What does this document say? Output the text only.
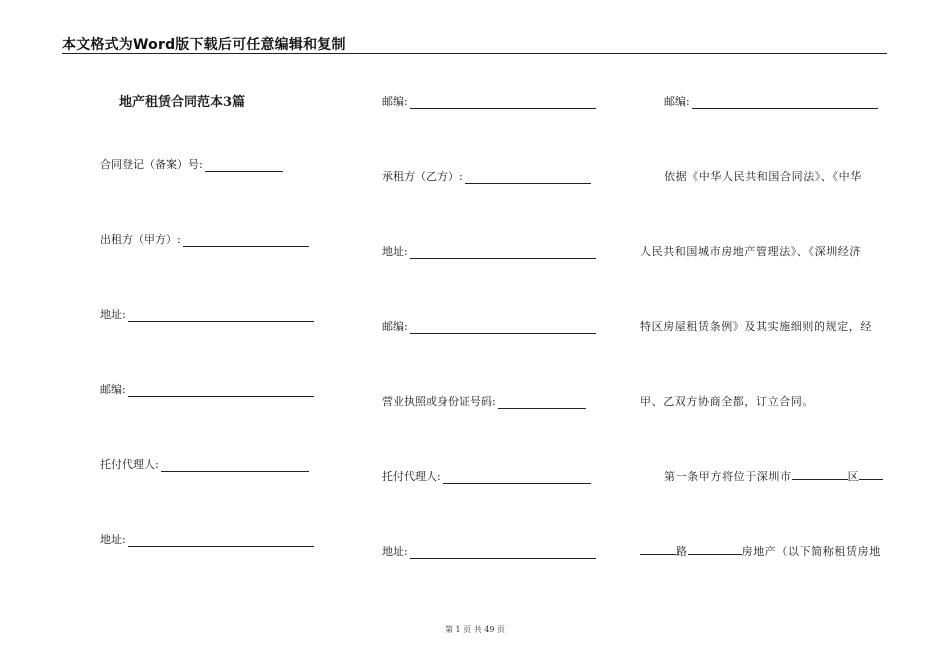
本文格式为Word版下载后可任意编辑和复制
地产租赁合同范本3篇
合同登记（备案）号:
出租方（甲方）:
地址:
邮编:
托付代理人:
地址:
邮编:
承租方（乙方）:
地址:
邮编:
营业执照或身份证号码:
托付代理人:
地址:
邮编:
依据《中华人民共和国合同法》、《中华
人民共和国城市房地产管理法》、《深圳经济
特区房屋租赁条例》及其实施细则的规定，经
甲、乙双方协商全都，订立合同。
第一条甲方将位于深圳市	区
路	房地产（以下简称租赁房地
第 1 页 共 49 页
